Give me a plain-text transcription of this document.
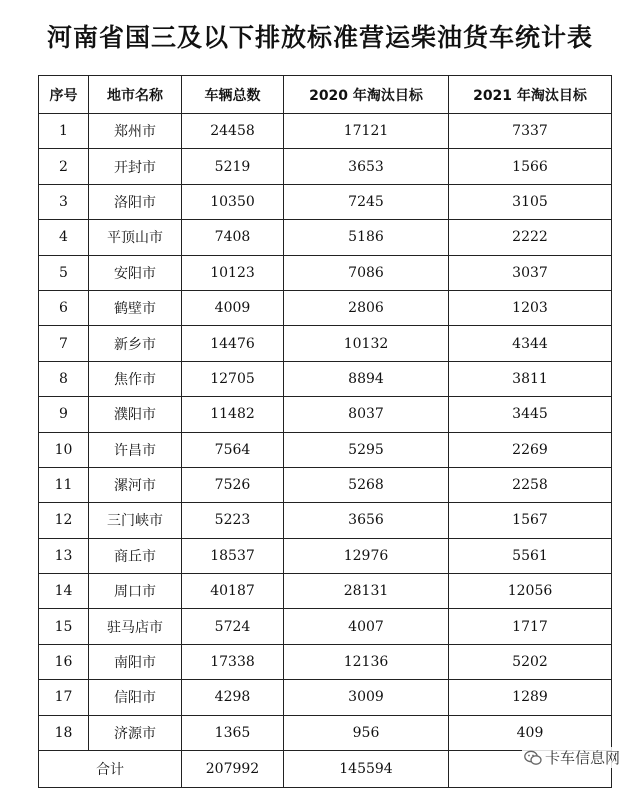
河南省国三及以下排放标准营运柴油货车统计表
序号	地市名称	车辆总数	2020 年淘汰目标	2021 年淘汰目标
1	郑州市	24458	17121	7337
2	开封市	5219	3653	1566
3	洛阳市	10350	7245	3105
4	平顶山市	7408	5186	2222
5	安阳市	10123	7086	3037
6	鹤壁市	4009	2806	1203
7	新乡市	14476	10132	4344
8	焦作市	12705	8894	3811
9	濮阳市	11482	8037	3445
10	许昌市	7564	5295	2269
11	漯河市	7526	5268	2258
12	三门峡市	5223	3656	1567
13	商丘市	18537	12976	5561
14	周口市	40187	28131	12056
15	驻马店市	5724	4007	1717
16	南阳市	17338	12136	5202
17	信阳市	4298	3009	1289
18	济源市	1365	956	409
合计		207992	145594	
卡车信息网
